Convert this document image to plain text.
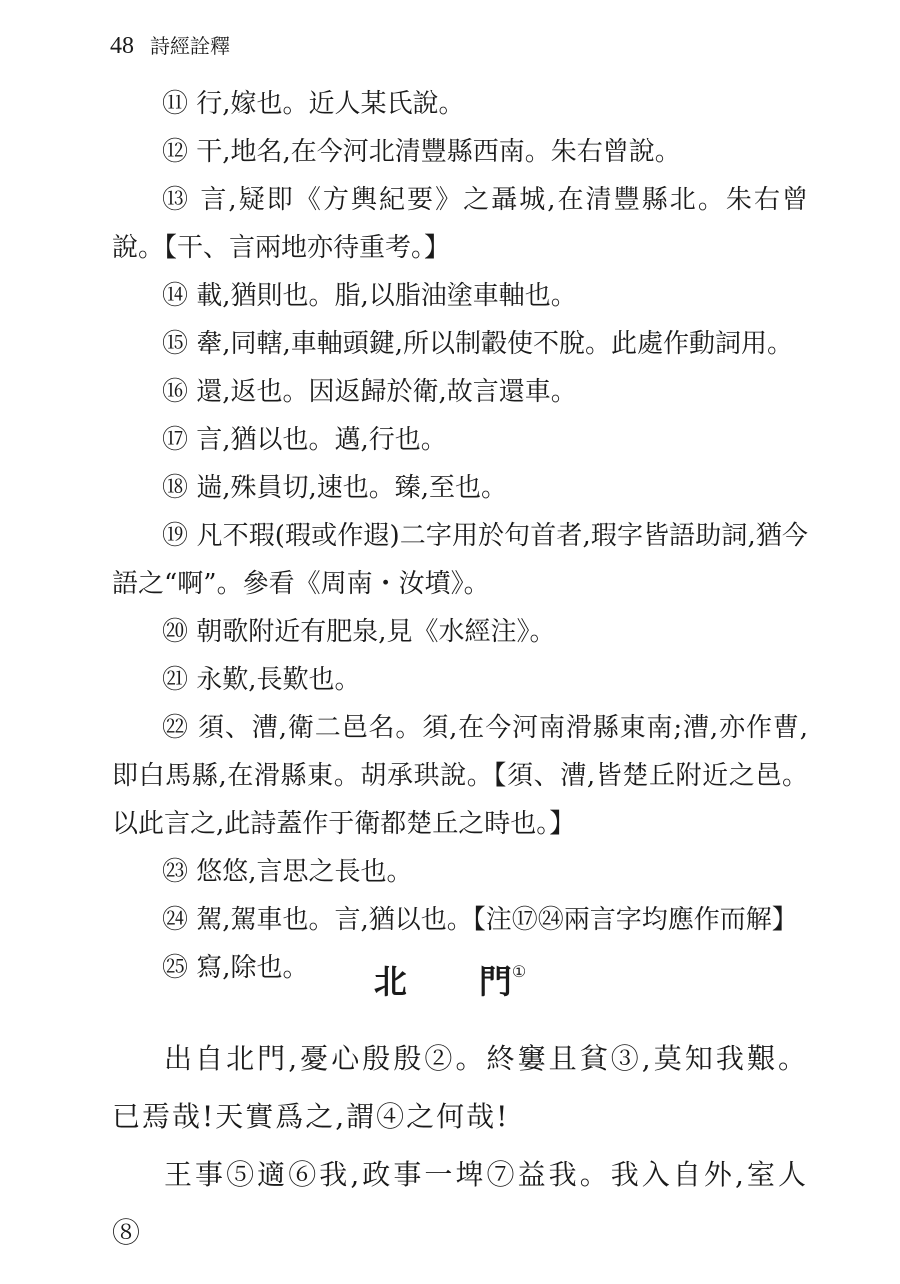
48 詩經詮釋

⑪ 行,嫁也。近人某氏說。

⑫ 干,地名,在今河北清豐縣西南。朱右曾說。

⑬ 言,疑即《方輿紀要》之聶城,在清豐縣北。朱右曾說。【干、言兩地亦待重考。】

⑭ 載,猶則也。脂,以脂油塗車軸也。

⑮ 舝,同轄,車軸頭鍵,所以制轂使不脫。此處作動詞用。

⑯ 還,返也。因返歸於衛,故言還車。

⑰ 言,猶以也。邁,行也。

⑱ 遄,殊員切,速也。臻,至也。

⑲ 凡不瑕(瑕或作遐)二字用於句首者,瑕字皆語助詞,猶今語之“啊”。參看《周南・汝墳》。

⑳ 朝歌附近有肥泉,見《水經注》。

㉑ 永歎,長歎也。

㉒ 須、漕,衛二邑名。須,在今河南滑縣東南;漕,亦作曹,即白馬縣,在滑縣東。胡承珙說。【須、漕,皆楚丘附近之邑。以此言之,此詩蓋作于衛都楚丘之時也。】

㉓ 悠悠,言思之長也。

㉔ 駕,駕車也。言,猶以也。【注⑰㉔兩言字均應作而解】

㉕ 寫,除也。	北 門①

出自北門,憂心殷殷②。終窶且貧③,莫知我艱。已焉哉!天實爲之,謂④之何哉!

王事⑤適⑥我,政事一埤⑦益我。我入自外,室人⑧
